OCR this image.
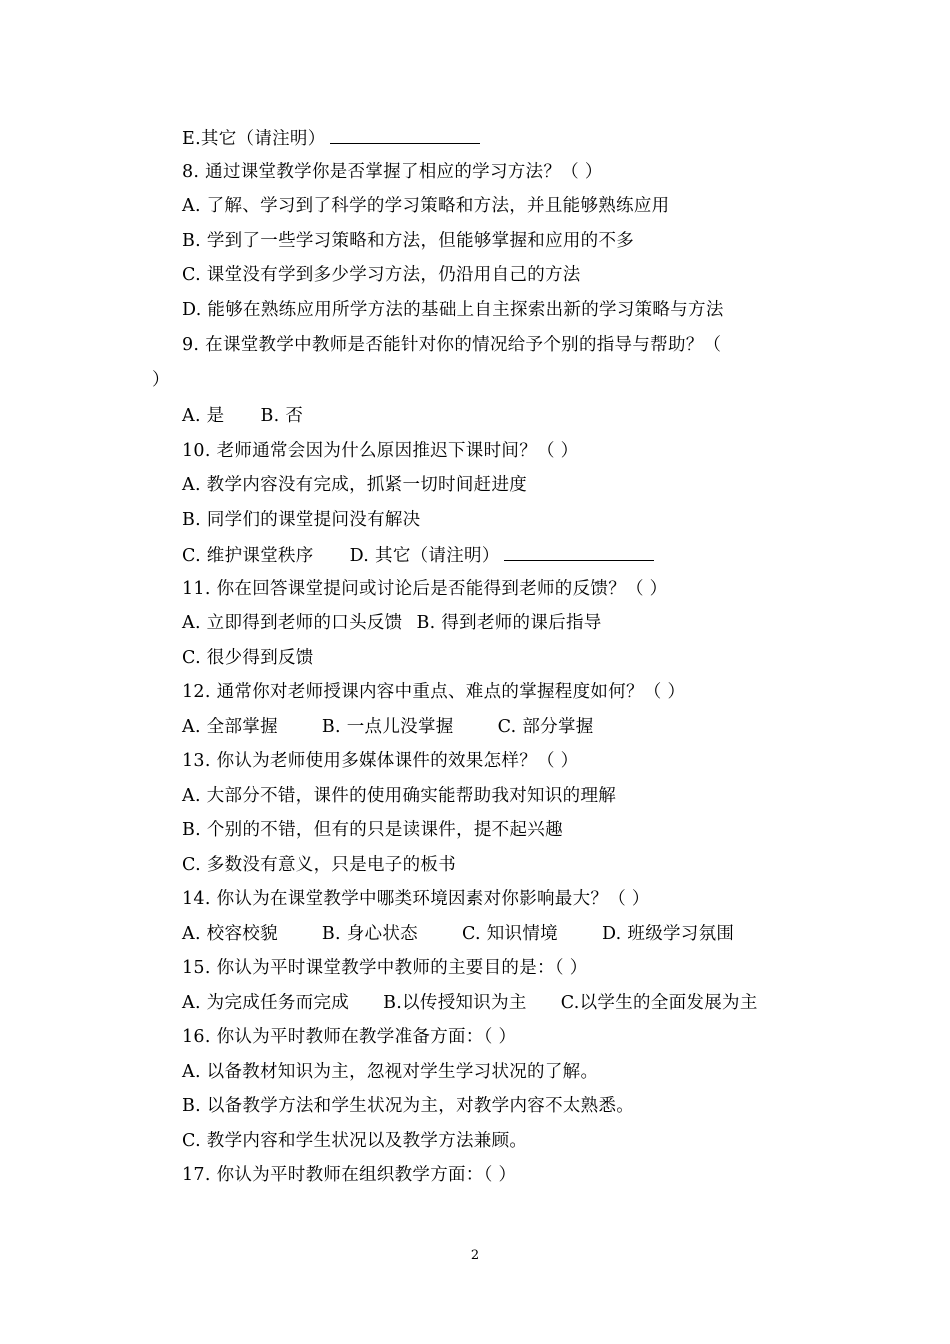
E.其它（请注明）
8. 通过课堂教学你是否掌握了相应的学习方法？（ ）
A. 了解、学习到了科学的学习策略和方法，并且能够熟练应用
B. 学到了一些学习策略和方法，但能够掌握和应用的不多
C. 课堂没有学到多少学习方法，仍沿用自己的方法
D. 能够在熟练应用所学方法的基础上自主探索出新的学习策略与方法
9. 在课堂教学中教师是否能针对你的情况给予个别的指导与帮助？（
）
A. 是 B. 否
10. 老师通常会因为什么原因推迟下课时间？（ ）
A. 教学内容没有完成，抓紧一切时间赶进度
B. 同学们的课堂提问没有解决
C. 维护课堂秩序 D. 其它（请注明）
11. 你在回答课堂提问或讨论后是否能得到老师的反馈？（ ）
A. 立即得到老师的口头反馈 B. 得到老师的课后指导
C. 很少得到反馈
12. 通常你对老师授课内容中重点、难点的掌握程度如何？（ ）
A. 全部掌握	B. 一点儿没掌握	C. 部分掌握
13. 你认为老师使用多媒体课件的效果怎样？（ ）
A. 大部分不错，课件的使用确实能帮助我对知识的理解
B. 个别的不错，但有的只是读课件，提不起兴趣
C. 多数没有意义，只是电子的板书
14. 你认为在课堂教学中哪类环境因素对你影响最大？（ ）
A. 校容校貌	B. 身心状态	C. 知识情境	D. 班级学习氛围
15. 你认为平时课堂教学中教师的主要目的是：（ ）
A. 为完成任务而完成 B.以传授知识为主 C.以学生的全面发展为主
16. 你认为平时教师在教学准备方面：（ ）
A. 以备教材知识为主，忽视对学生学习状况的了解。
B. 以备教学方法和学生状况为主，对教学内容不太熟悉。
C. 教学内容和学生状况以及教学方法兼顾。
17. 你认为平时教师在组织教学方面：（ ）
2
